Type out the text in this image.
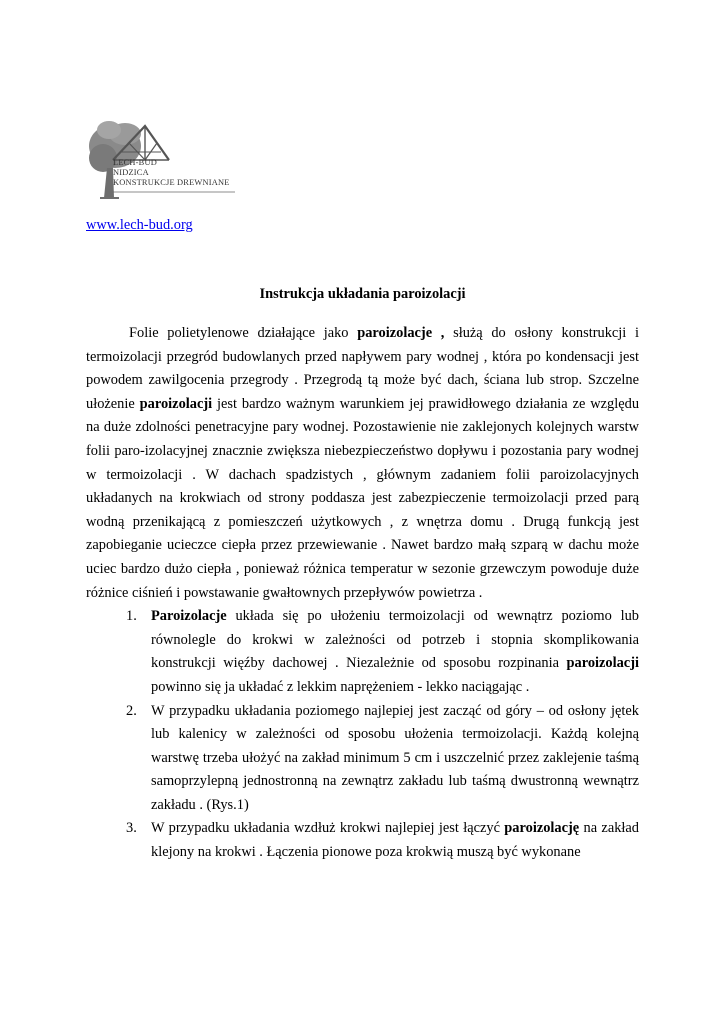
LECH-BUD
NIDZICA
KONSTRUKCJE DREWNIANE
www.lech-bud.org
Instrukcja układania paroizolacji

Folie polietylenowe działające jako paroizolacje , służą do osłony konstrukcji i termoizolacji przegród budowlanych przed napływem pary wodnej , która po kondensacji jest powodem zawilgocenia przegrody . Przegrodą tą może być dach, ściana lub strop. Szczelne ułożenie paroizolacji jest bardzo ważnym warunkiem jej prawidłowego działania ze względu na duże zdolności penetracyjne pary wodnej. Pozostawienie nie zaklejonych kolejnych warstw folii paro-izolacyjnej znacznie zwiększa niebezpieczeństwo dopływu i pozostania pary wodnej w termoizolacji . W dachach spadzistych , głównym zadaniem folii paroizolacyjnych układanych na krokwiach od strony poddasza jest zabezpieczenie termoizolacji przed parą wodną przenikającą z pomieszczeń użytkowych , z wnętrza domu . Drugą funkcją jest zapobieganie ucieczce ciepła przez przewiewanie . Nawet bardzo małą szparą w dachu może uciec bardzo dużo ciepła , ponieważ różnica temperatur w sezonie grzewczym powoduje duże różnice ciśnień i powstawanie gwałtownych przepływów powietrza .

1. Paroizolacje układa się po ułożeniu termoizolacji od wewnątrz poziomo lub równolegle do krokwi w zależności od potrzeb i stopnia skomplikowania konstrukcji więźby dachowej . Niezależnie od sposobu rozpinania paroizolacji powinno się ja układać z lekkim naprężeniem - lekko naciągając .
2. W przypadku układania poziomego najlepiej jest zacząć od góry – od osłony jętek lub kalenicy w zależności od sposobu ułożenia termoizolacji. Każdą kolejną warstwę trzeba ułożyć na zakład minimum 5 cm i uszczelnić przez zaklejenie taśmą samoprzylepną jednostronną na zewnątrz zakładu lub taśmą dwustronną wewnątrz zakładu . (Rys.1)
3. W przypadku układania wzdłuż krokwi najlepiej jest łączyć paroizolację na zakład klejony na krokwi . Łączenia pionowe poza krokwią muszą być wykonane
